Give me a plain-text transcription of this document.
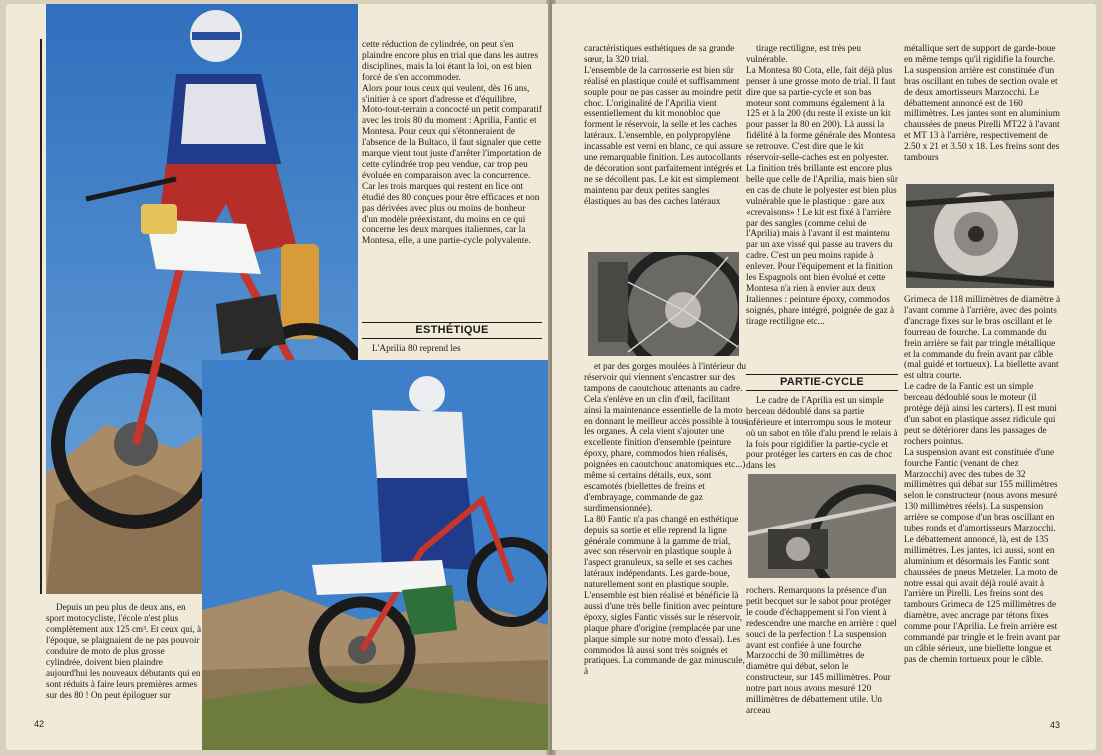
Depuis un peu plus de deux ans, en sport motocycliste, l'école n'est plus complètement aux 125 cm³. Et ceux qui, à l'époque, se plaignaient de ne pas pouvoir conduire de moto de plus grosse cylindrée, doivent bien plaindre aujourd'hui les nouveaux débutants qui en sont réduits à faire leurs premières armes sur des 80 ! On peut épiloguer sur

42

cette réduction de cylindrée, on peut s'en plaindre encore plus en trial que dans les autres disciplines, mais la loi étant la loi, on est bien forcé de s'en accommoder.
Alors pour tous ceux qui veulent, dès 16 ans, s'initier à ce sport d'adresse et d'équilibre, Moto-tout-terrain a concocté un petit comparatif avec les trois 80 du moment : Aprilia, Fantic et Montesa. Pour ceux qui s'étonneraient de l'absence de la Bultaco, il faut signaler que cette marque vient tout juste d'arrêter l'importation de cette cylindrée trop peu vendue, car trop peu évoluée en comparaison avec la concurrence. Car les trois marques qui restent en lice ont étudié des 80 conçues pour être efficaces et non pas dérivées avec plus ou moins de bonheur d'un modèle préexistant, du moins en ce qui concerne les deux marques italiennes, car la Montesa, elle, a une partie-cycle polyvalente.

ESTHÉTIQUE

L'Aprilia 80 reprend les

caractéristiques esthétiques de sa grande sœur, la 320 trial.
L'ensemble de la carrosserie est bien sûr réalisé en plastique coulé et suffisamment souple pour ne pas casser au moindre petit choc. L'originalité de l'Aprilia vient essentiellement du kit monobloc que forment le réservoir, la selle et les caches latéraux. L'ensemble, en polypropylène incassable est verni en blanc, ce qui assure une remarquable finition. Les autocollants de décoration sont parfaitement intégrés et ne se décollent pas. Le kit est simplement maintenu par deux petites sangles élastiques au bas des caches latéraux

et par des gorges moulées à l'intérieur du réservoir qui viennent s'encastrer sur des tampons de caoutchouc attenants au cadre. Cela s'enlève en un clin d'œil, facilitant ainsi la maintenance essentielle de la moto en donnant le meilleur accès possible à tous les organes. À cela vient s'ajouter une excellente finition d'ensemble (peinture époxy, phare, commodos bien réalisés, poignées en caoutchouc anatomiques etc...) même si certains détails, eux, sont escamotés (biellettes de freins et d'embrayage, commande de gaz surdimensionnée).
La 80 Fantic n'a pas changé en esthétique depuis sa sortie et elle reprend la ligne générale commune à la gamme de trial, avec son réservoir en plastique souple à l'aspect granuleux, sa selle et ses caches latéraux indépendants. Les garde-boue, naturellement sont en plastique souple. L'ensemble est bien réalisé et bénéficie là aussi d'une très belle finition avec peinture époxy, sigles Fantic vissés sur le réservoir, plaque phare d'origine (remplacée par une plaque simple sur notre moto d'essai). Les commodos là aussi sont très soignés et pratiques. La commande de gaz minuscule, à

tirage rectiligne, est très peu vulnérable.
La Montesa 80 Cota, elle, fait déjà plus penser à une grosse moto de trial. Il faut dire que sa partie-cycle et son bas moteur sont communs également à la 125 et à la 200 (du reste il existe un kit pour passer la 80 en 200). Là aussi la fidélité à la forme générale des Montesa se retrouve. C'est dire que le kit réservoir-selle-caches est en polyester. La finition très brillante est encore plus belle que celle de l'Aprilia, mais bien sûr en cas de chute le polyester est bien plus vulnérable que le plastique : gare aux «crevaisons» ! Le kit est fixé à l'arrière par des sangles (comme celui de l'Aprilia) mais à l'avant il est maintenu par un axe vissé qui passe au travers du cadre. C'est un peu moins rapide à enlever. Pour l'équipement et la finition les Espagnols ont bien évolué et cette Montesa n'a rien à envier aux deux Italiennes : peinture époxy, commodos soignés, phare intégré, poignée de gaz à tirage rectiligne etc...

PARTIE-CYCLE

Le cadre de l'Aprilia est un simple berceau dédoublé dans sa partie inférieure et interrompu sous le moteur où un sabot en tôle d'alu prend le relais à la fois pour rigidifier la partie-cycle et pour protéger les carters en cas de choc dans les

rochers. Remarquons la présence d'un petit becquet sur le sabot pour protéger le coude d'échappement si l'on vient à redescendre une marche en arrière : quel souci de la perfection ! La suspension avant est confiée à une fourche Marzocchi de 30 millimètres de diamètre qui débat, selon le constructeur, sur 145 millimètres. Pour notre part nous avons mesuré 120 millimètres de débattement utile. Un arceau

métallique sert de support de garde-boue en même temps qu'il rigidifie la fourche. La suspension arrière est constituée d'un bras oscillant en tubes de section ovale et de deux amortisseurs Marzocchi. Le débattement annoncé est de 160 millimètres. Les jantes sont en aluminium chaussées de pneus Pirelli MT22 à l'avant et MT 13 à l'arrière, respectivement de 2.50 x 21 et 3.50 x 18. Les freins sont des tambours

Grimeca de 118 millimètres de diamètre à l'avant comme à l'arrière, avec des points d'ancrage fixes sur le bras oscillant et le fourreau de fourche. La commande du frein arrière se fait par tringle métallique et la commande du frein avant par câble (mal guidé et tortueux). La biellette avant est ultra courte.
Le cadre de la Fantic est un simple berceau dédoublé sous le moteur (il protège déjà ainsi les carters). Il est muni d'un sabot en plastique assez ridicule qui peut se détériorer dans les passages de rochers pointus.
La suspension avant est constituée d'une fourche Fantic (venant de chez Marzocchi) avec des tubes de 32 millimètres qui débat sur 155 millimètres selon le constructeur (nous avons mesuré 130 millimètres réels). La suspension arrière se compose d'un bras oscillant en tubes ronds et d'amortisseurs Marzocchi. Le débattement annoncé, là, est de 135 millimètres. Les jantes, ici aussi, sont en aluminium et désormais les Fantic sont chaussées de pneus Metzeler. La moto de notre essai qui avait déjà roulé avait à l'arrière un Pirelli. Les freins sont des tambours Grimeca de 125 millimètres de diamètre, avec ancrage par tétons fixes comme pour l'Aprilia. Le frein arrière est commandé par tringle et le frein avant par un câble sérieux, une biellette longue et pas de chemin tortueux pour le câble.

43
